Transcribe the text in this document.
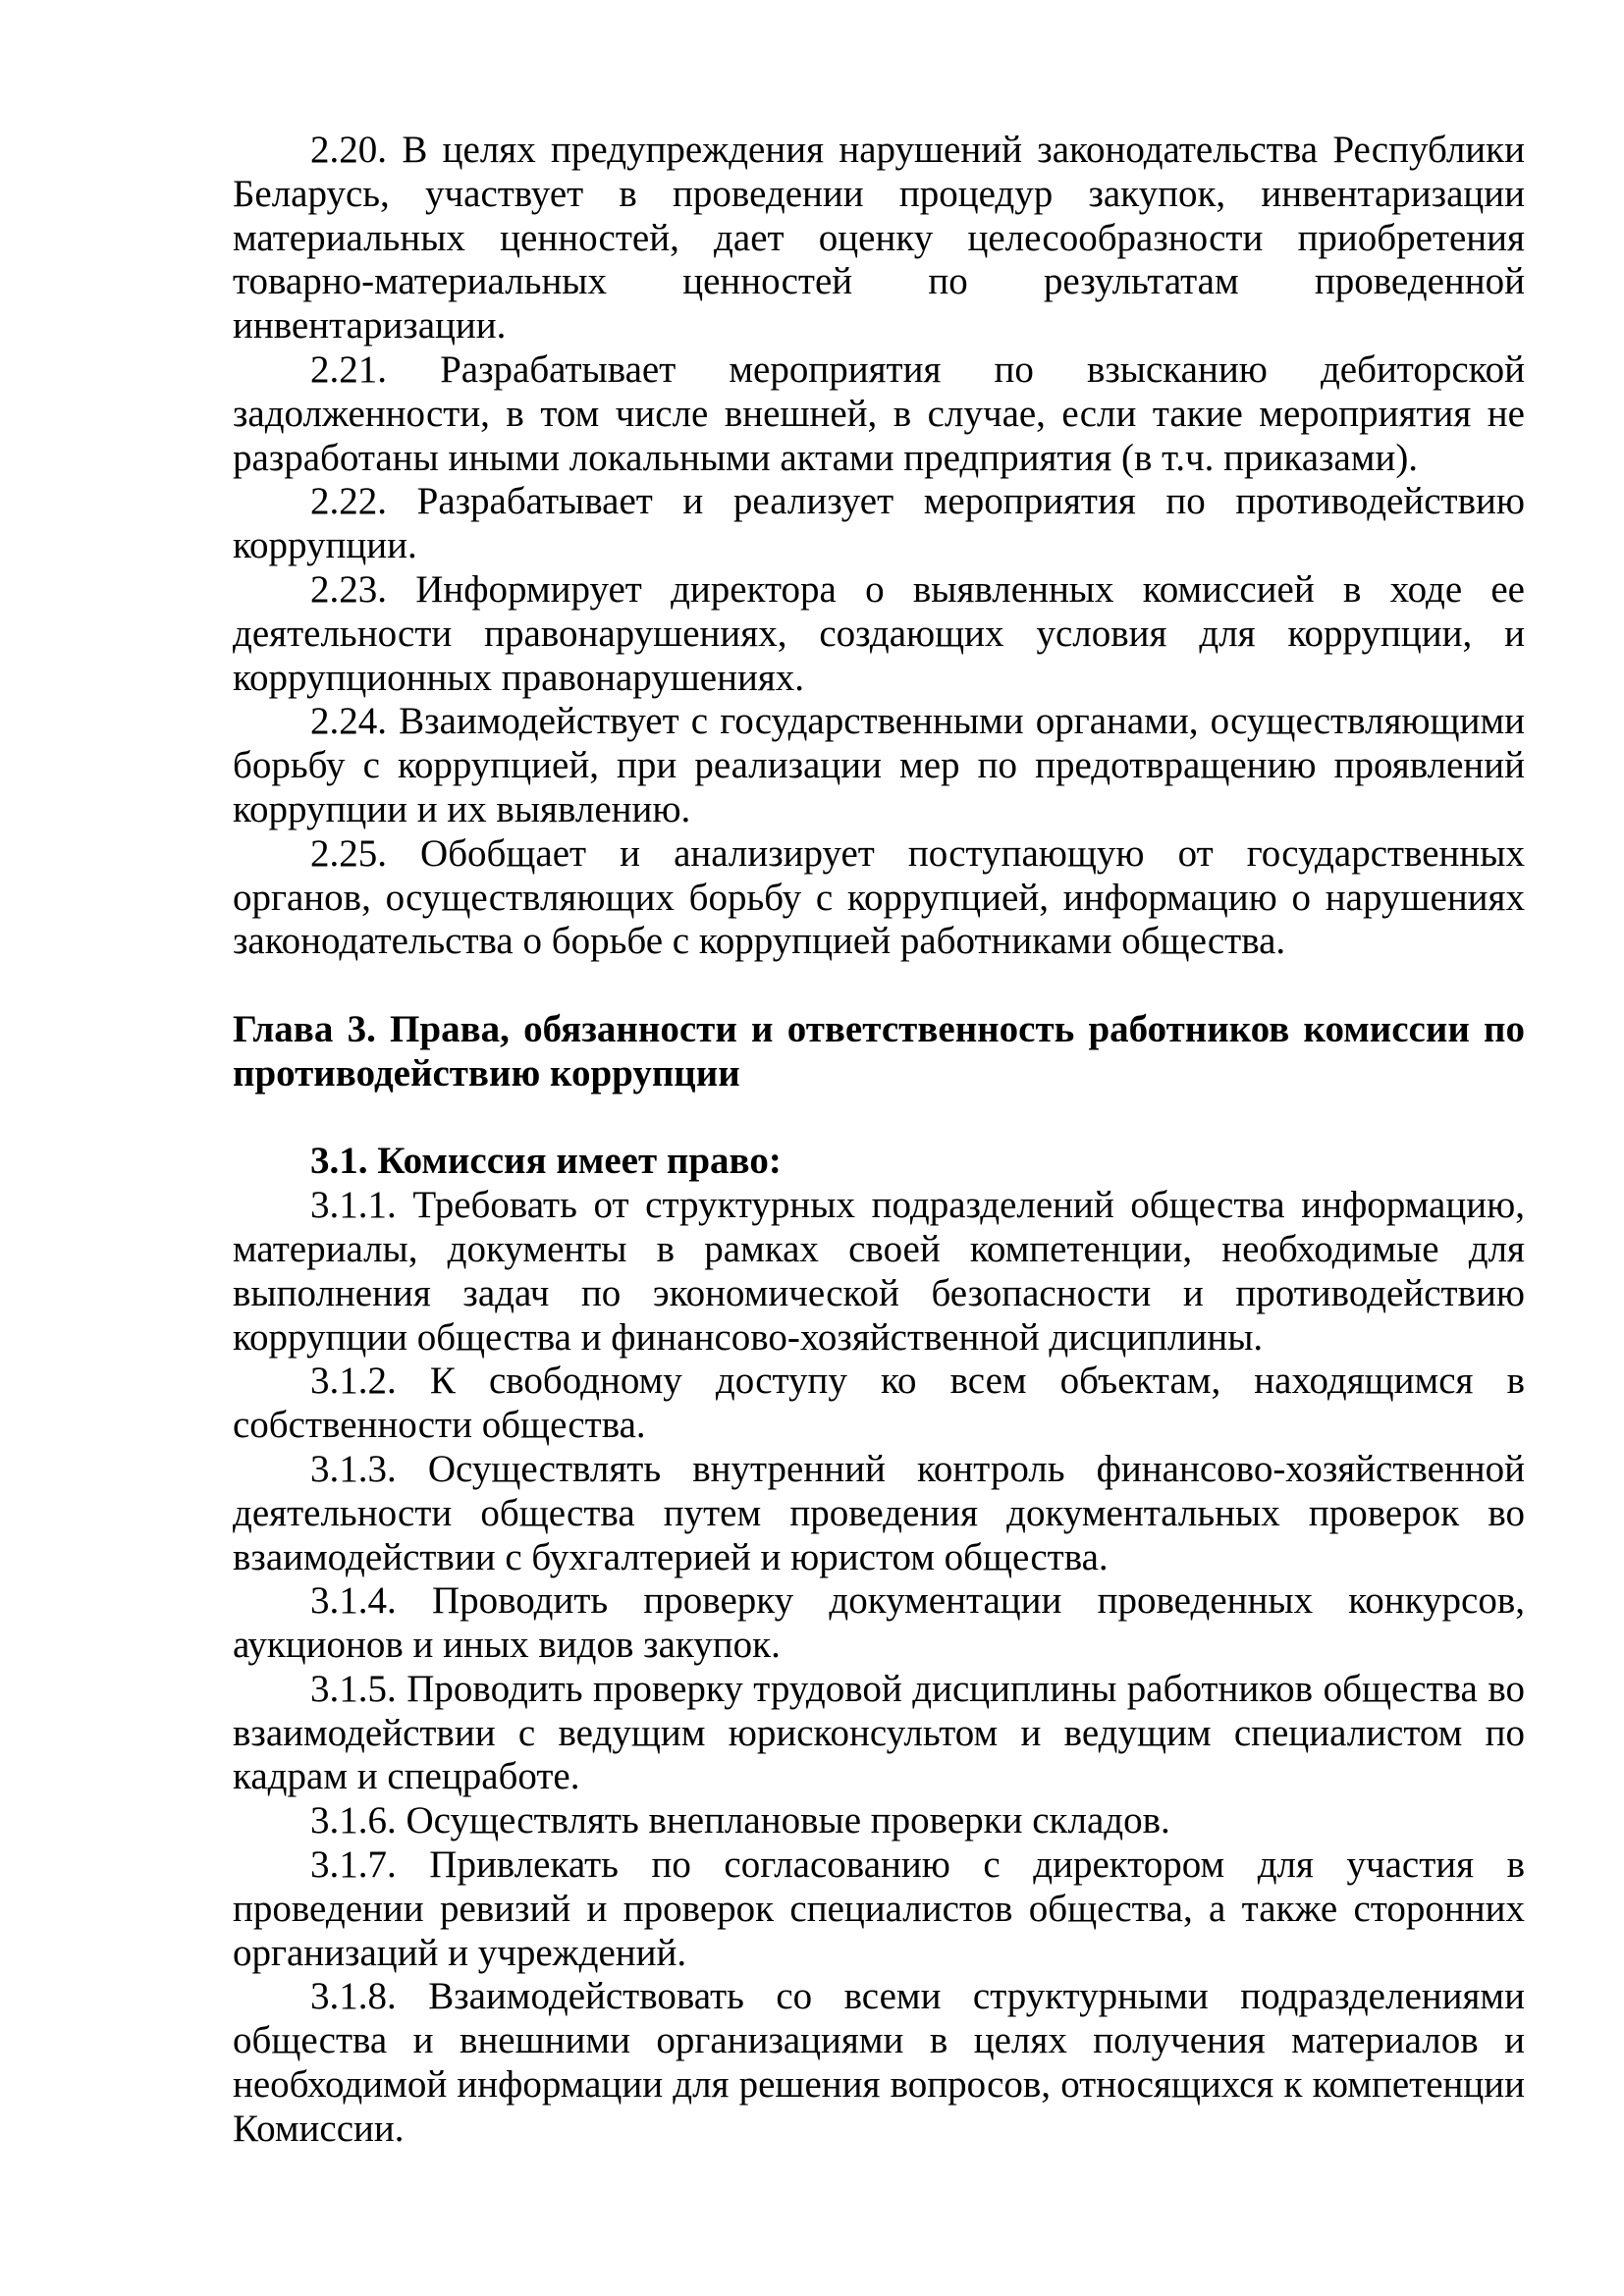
2.20. В целях предупреждения нарушений законодательства Республики Беларусь, участвует в проведении процедур закупок, инвентаризации материальных ценностей, дает оценку целесообразности приобретения товарно-материальных ценностей по результатам проведенной инвентаризации.

2.21. Разрабатывает мероприятия по взысканию дебиторской задолженности, в том числе внешней, в случае, если такие мероприятия не разработаны иными локальными актами предприятия (в т.ч. приказами).

2.22. Разрабатывает и реализует мероприятия по противодействию коррупции.

2.23. Информирует директора о выявленных комиссией в ходе ее деятельности правонарушениях, создающих условия для коррупции, и коррупционных правонарушениях.

2.24. Взаимодействует с государственными органами, осуществляющими борьбу с коррупцией, при реализации мер по предотвращению проявлений коррупции и их выявлению.

2.25. Обобщает и анализирует поступающую от государственных органов, осуществляющих борьбу с коррупцией, информацию о нарушениях законодательства о борьбе с коррупцией работниками общества.

Глава 3. Права, обязанности и ответственность работников комиссии по противодействию коррупции

3.1. Комиссия имеет право:

3.1.1. Требовать от структурных подразделений общества информацию, материалы, документы в рамках своей компетенции, необходимые для выполнения задач по экономической безопасности и противодействию коррупции общества и финансово-хозяйственной дисциплины.

3.1.2. К свободному доступу ко всем объектам, находящимся в собственности общества.

3.1.3. Осуществлять внутренний контроль финансово-хозяйственной деятельности общества путем проведения документальных проверок во взаимодействии с бухгалтерией и юристом общества.

3.1.4. Проводить проверку документации проведенных конкурсов, аукционов и иных видов закупок.

3.1.5. Проводить проверку трудовой дисциплины работников общества во взаимодействии с ведущим юрисконсультом и ведущим специалистом по кадрам и спецработе.

3.1.6. Осуществлять внеплановые проверки складов.

3.1.7. Привлекать по согласованию с директором для участия в проведении ревизий и проверок специалистов общества, а также сторонних организаций и учреждений.

3.1.8. Взаимодействовать со всеми структурными подразделениями общества и внешними организациями в целях получения материалов и необходимой информации для решения вопросов, относящихся к компетенции Комиссии.
